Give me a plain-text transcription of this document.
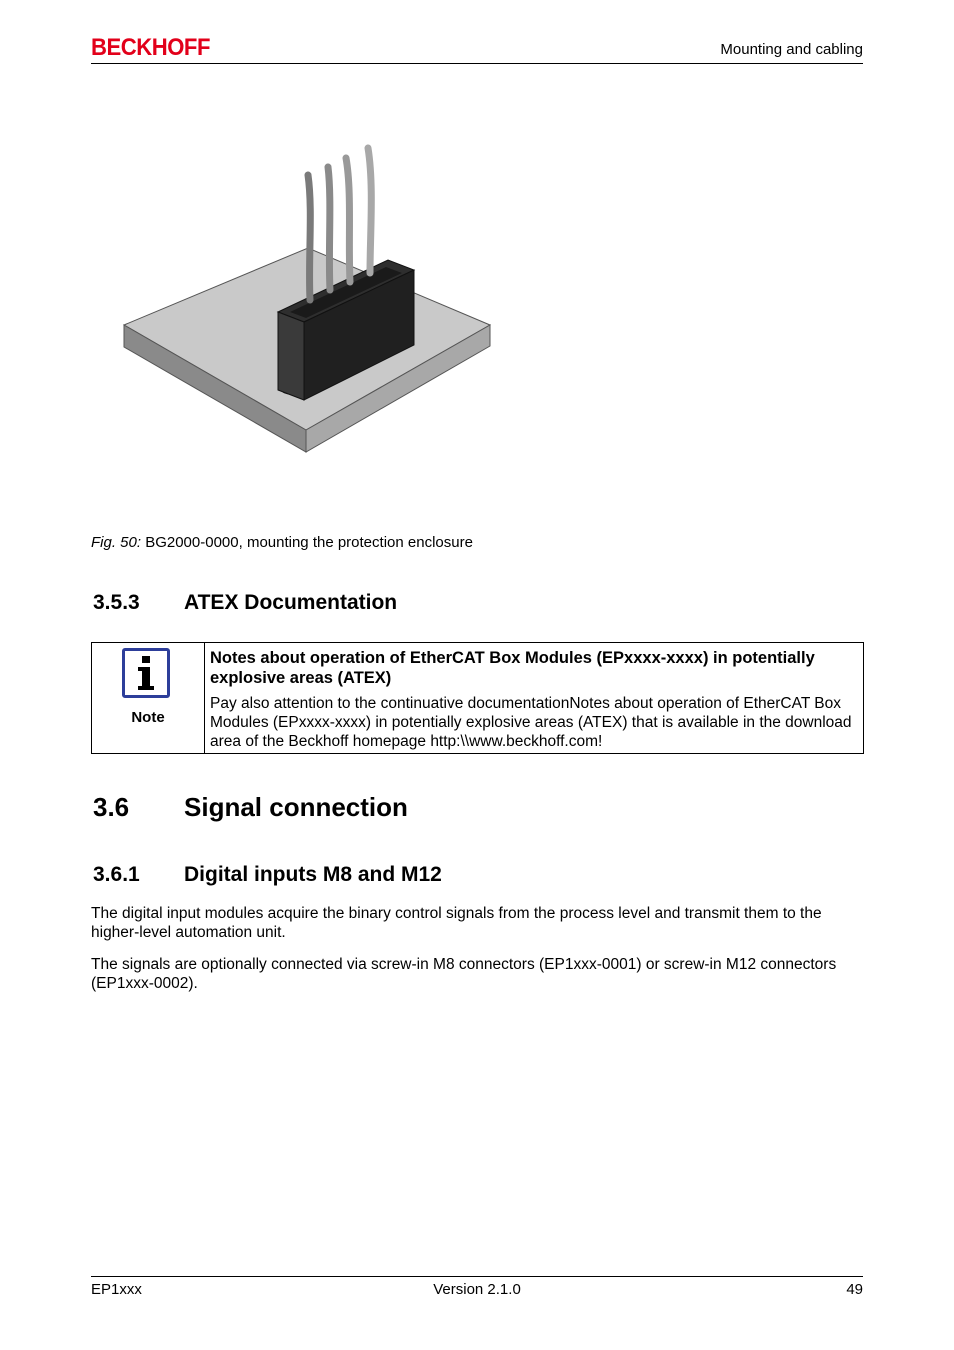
BECKHOFF	Mounting and cabling
Fig. 50: BG2000-0000, mounting the protection enclosure
3.5.3 ATEX Documentation
Note
Notes about operation of EtherCAT Box Modules (EPxxxx-xxxx) in potentially explosive areas (ATEX)
Pay also attention to the continuative documentationNotes about operation of EtherCAT Box Modules (EPxxxx-xxxx) in potentially explosive areas (ATEX) that is available in the download area of the Beckhoff homepage http:\\www.beckhoff.com!
3.6 Signal connection
3.6.1 Digital inputs M8 and M12
The digital input modules acquire the binary control signals from the process level and transmit them to the higher-level automation unit.
The signals are optionally connected via screw-in M8 connectors (EP1xxx-0001) or screw-in M12 connectors (EP1xxx-0002).
EP1xxx	Version 2.1.0	49
